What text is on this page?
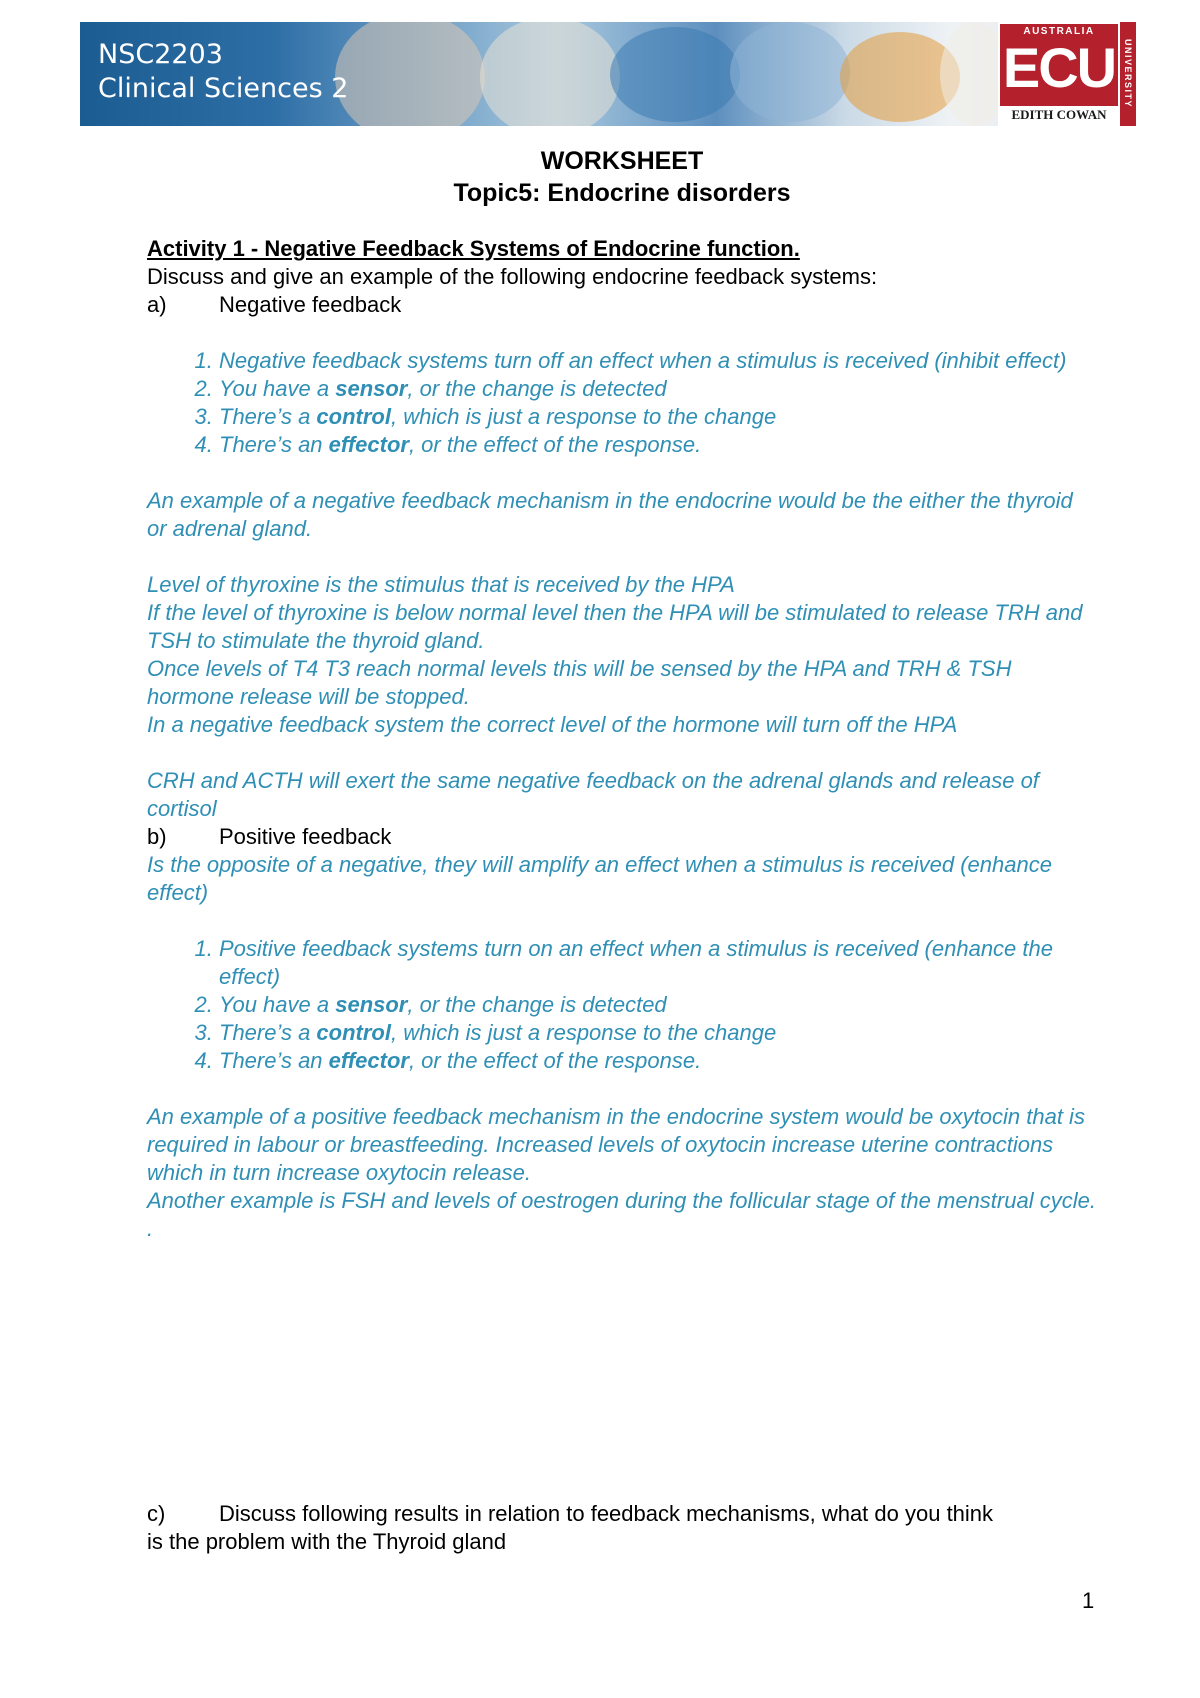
NSC2203
Clinical Sciences 2
AUSTRALIA
ECU
EDITH COWAN
UNIVERSITY

WORKSHEET

Topic5: Endocrine disorders

Activity 1 - Negative Feedback Systems of Endocrine function.

Discuss and give an example of the following endocrine feedback systems:

a)	Negative feedback
1. Negative feedback systems turn off an effect when a stimulus is received (inhibit effect)
2. You have a sensor, or the change is detected
3. There’s a control, which is just a response to the change
4. There’s an effector, or the effect of the response.

An example of a negative feedback mechanism in the endocrine would be the either the thyroid or adrenal gland.

Level of thyroxine is the stimulus that is received by the HPA

If the level of thyroxine is below normal level then the HPA will be stimulated to release TRH and TSH to stimulate the thyroid gland.

Once levels of T4 T3 reach normal levels this will be sensed by the HPA and TRH & TSH hormone release will be stopped.

In a negative feedback system the correct level of the hormone will turn off the HPA

CRH and ACTH will exert the same negative feedback on the adrenal glands and release of cortisol

b)	Positive feedback

Is the opposite of a negative, they will amplify an effect when a stimulus is received (enhance effect)

1. Positive feedback systems turn on an effect when a stimulus is received (enhance the effect)
2. You have a sensor, or the change is detected
3. There’s a control, which is just a response to the change
4. There’s an effector, or the effect of the response.

An example of a positive feedback mechanism in the endocrine system would be oxytocin that is required in labour or breastfeeding. Increased levels of oxytocin increase uterine contractions which in turn increase oxytocin release.

Another example is FSH and levels of oestrogen during the follicular stage of the menstrual cycle. .

c)	Discuss following results in relation to feedback mechanisms, what do you think

is the problem with the Thyroid gland

1
